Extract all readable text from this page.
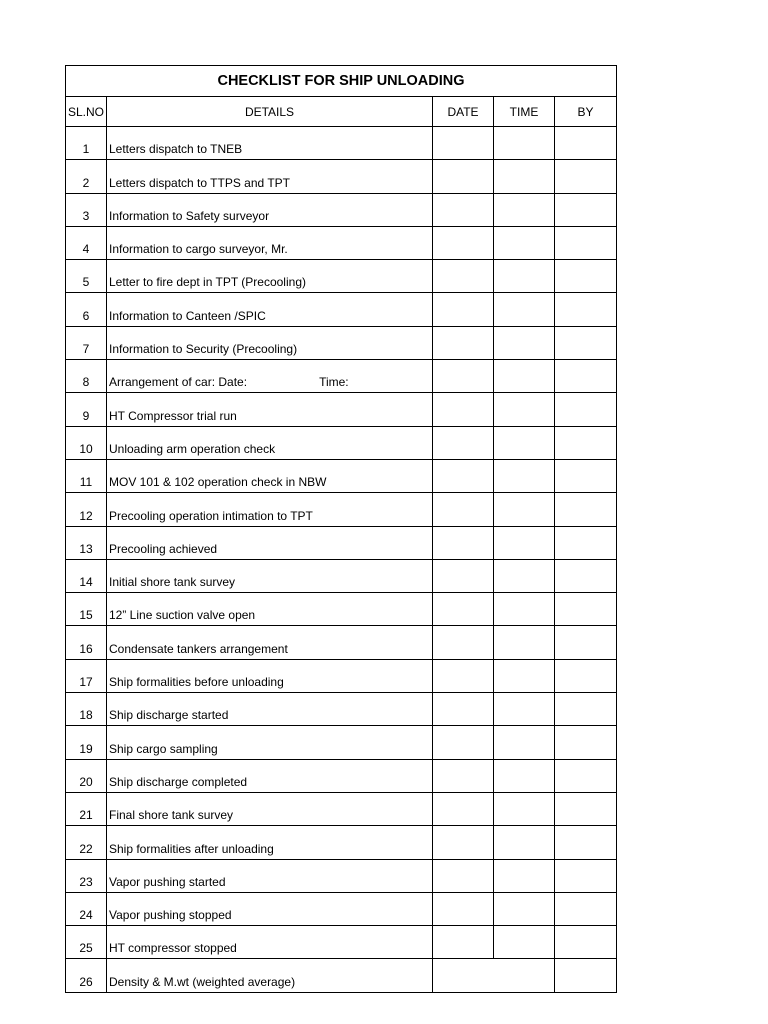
CHECKLIST FOR SHIP UNLOADING				
SL.NO	DETAILS	DATE	TIME	BY
1	Letters dispatch to TNEB			
2	Letters dispatch to TTPS and TPT			
3	Information to Safety surveyor			
4	Information to cargo surveyor, Mr.			
5	Letter to fire dept in TPT (Precooling)			
6	Information to Canteen /SPIC			
7	Information to Security (Precooling)			
8	Arrangement of car: Date: Time:			
9	HT Compressor trial run			
10	Unloading arm operation check			
11	MOV 101 & 102 operation check in NBW			
12	Precooling operation intimation to TPT			
13	Precooling achieved			
14	Initial shore tank survey			
15	12” Line suction valve open			
16	Condensate tankers arrangement			
17	Ship formalities before unloading			
18	Ship discharge started			
19	Ship cargo sampling			
20	Ship discharge completed			
21	Final shore tank survey			
22	Ship formalities after unloading			
23	Vapor pushing started			
24	Vapor pushing stopped			
25	HT compressor stopped			
26	Density & M.wt (weighted average)			
